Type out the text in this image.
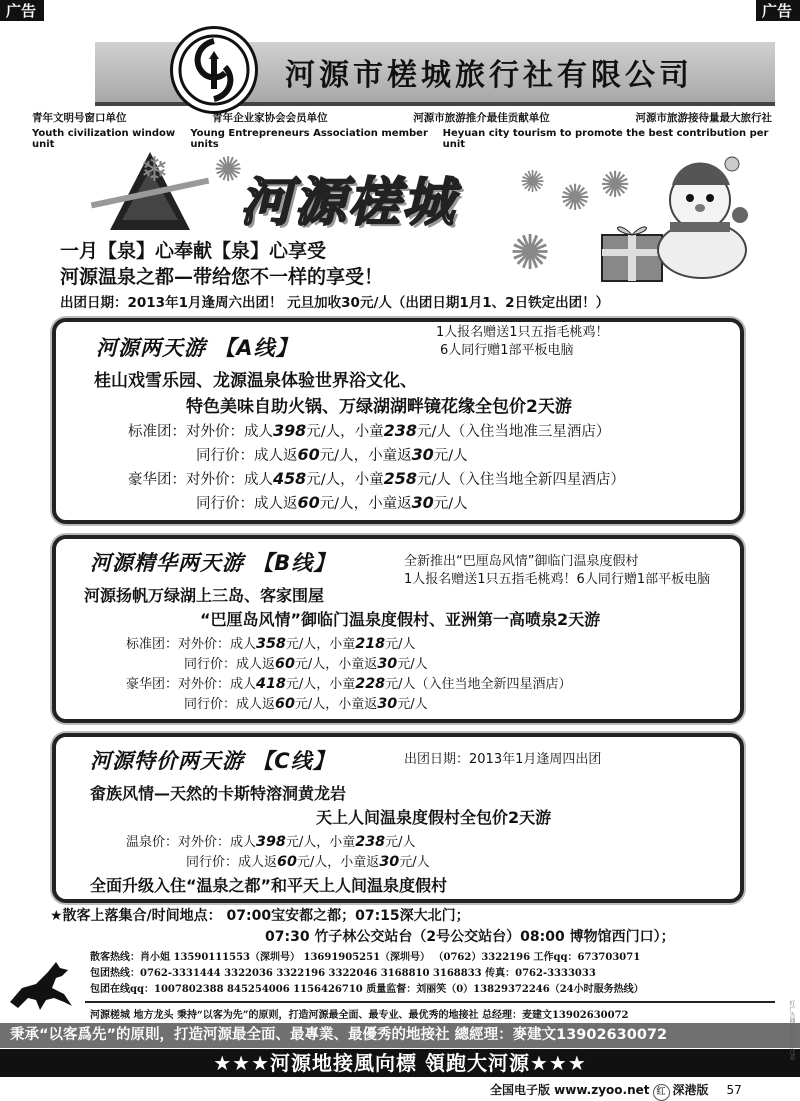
广告	广告
河源市槎城旅行社有限公司
青年文明号窗口单位	青年企业家协会会员单位	河源市旅游推介最佳贡献单位	河源市旅游接待量最大旅行社
Youth civilization window unit
Young Entrepreneurs Association member units
Heyuan city tourism to promote the best contribution per unit
❄ ✺	✺ ✺ ✺
✺
河源槎城
一月【泉】心奉献【泉】心享受
河源温泉之都—带给您不一样的享受！
出团日期：2013年1月逢周六出团！ 元旦加收30元/人（出团日期1月1、2日铁定出团！）
河源两天游 【A线】
1人报名赠送1只五指毛桃鸡！
6人同行赠1部平板电脑
桂山戏雪乐园、龙源温泉体验世界浴文化、
特色美味自助火锅、万绿湖湖畔镜花缘全包价2天游
标准团：对外价：成人398元/人，小童238元/人（入住当地准三星酒店）
同行价：成人返60元/人，小童返30元/人
豪华团：对外价：成人458元/人，小童258元/人（入住当地全新四星酒店）
同行价：成人返60元/人，小童返30元/人
河源精华两天游 【B线】	全新推出“巴厘岛风情”御临门温泉度假村
1人报名赠送1只五指毛桃鸡！6人同行赠1部平板电脑
河源扬帆万绿湖上三岛、客家围屋
“巴厘岛风情”御临门温泉度假村、亚洲第一高喷泉2天游
标准团：对外价：成人358元/人，小童218元/人
同行价：成人返60元/人，小童返30元/人
豪华团：对外价：成人418元/人，小童228元/人（入住当地全新四星酒店）
同行价：成人返60元/人，小童返30元/人
河源特价两天游 【C线】	出团日期：2013年1月逢周四出团
畲族风情—天然的卡斯特溶洞黄龙岩
天上人间温泉度假村全包价2天游
温泉价：对外价：成人398元/人，小童238元/人
同行价：成人返60元/人，小童返30元/人
全面升级入住“温泉之都”和平天上人间温泉度假村
★散客上落集合/时间地点： 07:00宝安都之都；07:15深大北门；
07:30 竹子林公交站台（2号公交站台）08:00 博物馆西门口）；
散客热线：肖小姐 13590111553（深圳号） 13691905251（深圳号） （0762）3322196 工作qq：673703071
包团热线：0762-3331444 3322036 3322196 3322046 3168810 3168833 传真：0762-3333033
包团在线qq：1007802388 845254006 1156426710 质量监督：刘丽笑（0）13829372246（24小时服务热线）
河源槎城 地方龙头 秉持“以客为先”的原则，打造河源最全面、最专业、最优秀的地接社 总经理：麦建文13902630072
秉承“以客爲先”的原則，打造河源最全面、最專業、最優秀的地接社 總經理：麥建文13902630072
★★★河源地接風向標 領跑大河源★★★
全国电子版 www.zyoo.net 红 深港版 57
红广告网站刊登请注意
